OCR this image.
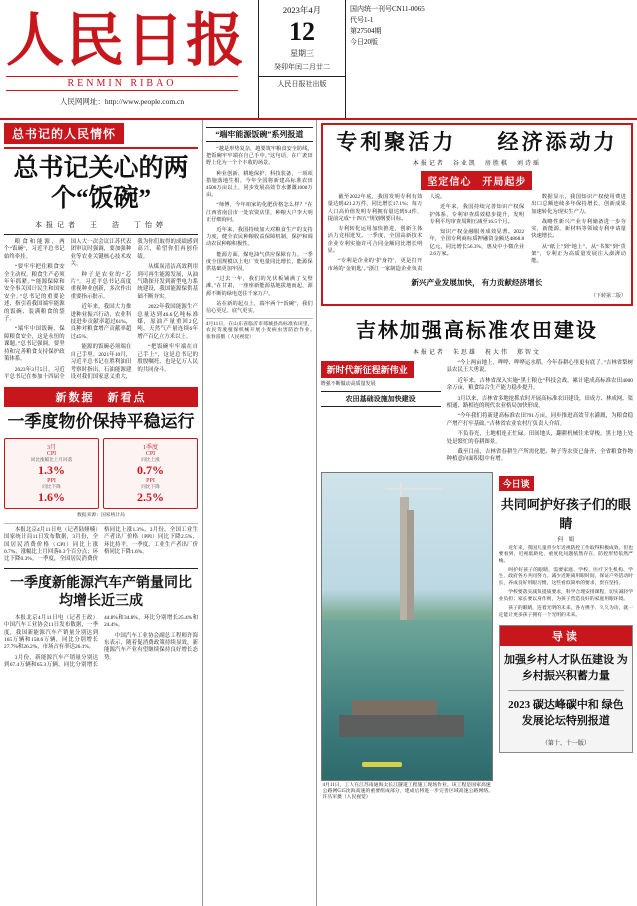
人民日报
RENMIN RIBAO
人民网网址：http://www.people.com.cn
2023年4月
12
星期三
癸卯年闰二月廿二
人民日报社出版
国内统一刊号CN11-0065
代号1-1
第27504期
今日20版
总书记的人民情怀
总书记关心的两个“饭碗”
本报记者　王　浩　丁怡婷

粮食和能源，两个“饭碗”，习近平总书记始终牵挂。

“要牢牢把住粮食安全主动权，粮食生产必须年年抓紧。”“能源保障和安全事关国计民生和国家安全。”总书记的重要论述，指引着我国端牢能源的饭碗、装满粮食的袋子。

“端牢中国饭碗，保障粮食安全，这是永恒的课题。”总书记强调，要坚持和完善粮食支持保护政策体系。

2023年3月5日，习近平总书记在参加十四届全国人大一次会议江苏代表团审议时强调，要加强种业等农业关键核心技术攻关。

种子是农业的“芯片”。习近平总书记高度重视种业创新，多次作出重要指示批示。

近年来，我国大力推进种业振兴行动，农业科技进步贡献率超过61%，良种对粮食增产贡献率超过45%。

能源的饭碗必须端在自己手里。2021年10月，习近平总书记在胜利油田考察时指出，石油能源建设对我们国家意义重大，我为你们取得的成绩感到高兴，希望你们再创佳绩。

从煤炭清洁高效利用到可再生能源发展，从油气勘探开发到新型电力系统建设，我国能源保供基础不断夯实。

2022年我国能源生产总量达到46.6亿吨标准煤，原油产量重回2亿吨，天然气产量连续6年增产百亿立方米以上。

“把饭碗牢牢端在自己手上”，这是总书记的殷殷嘱托，也是亿万人民的共同奋斗。

新数据　新看点
一季度物价保持平稳运行
3月
CPI
同比涨幅比上月回落
1.3%
PPI
同比下降
1.6%
1季度
CPI
同比上涨
0.7%
PPI
同比下降
2.5%
数据来源：国家统计局

本报北京4月11日电（记者陆娅楠）国家统计局11日发布数据，3月份，全国居民消费价格（CPI）同比上涨0.7%，涨幅比上月回落0.3个百分点；环比下降0.3%。一季度，全国居民消费价格同比上涨1.3%。3月份，全国工业生产者出厂价格（PPI）同比下降2.5%，环比持平。一季度，工业生产者出厂价格同比下降1.6%。

一季度新能源汽车产销量同比均增长近三成

本报北京4月11日电（记者王政）中国汽车工业协会11日发布数据，一季度，我国新能源汽车产销量分别达到165万辆和158.6万辆，同比分别增长27.7%和26.2%，市场占有率达26.1%。

3月份，新能源汽车产销量分别达到67.4万辆和65.3万辆，同比分别增长44.8%和34.8%，环比分别增长25.4%和24.4%。

中国汽车工业协会副总工程师许海东表示，随着促消费政策持续显效，新能源汽车产业有望继续保持良好增长态势。

“端牢能源饭碗”系列报道

“越是形势复杂，越要筑牢粮食安全防线，把饭碗牢牢端在自己手中。”这句话，在广袤田野上化为一个个丰收的场景。

种业创新、耕地保护、科技装备，一项项措施落地生根。今年全国将新建高标准农田4500万亩以上，同步发展高效节水灌溉1000万亩。

“师傅，今年咱家的化肥价格怎么样？”在江西省南昌市一处农资店里，种粮大户李大明正仔细询问。

近年来，我国持续加大对粮食生产的支持力度，健全农民种粮收益保障机制，保护和调动农民种粮积极性。

能源方面，煤电油气供应保障有力。一季度全国规模以上电厂发电量同比增长，能源保供基础更加牢固。

“过去一年，我们的光伏板铺满了戈壁滩。”在甘肃，一座座新能源基地拔地而起，源源不断的绿电送往千家万户。

站在新的起点上，端牢两个“饭碗”，我们信心更足、底气更实。

4月11日，在山东省临沂市郯城县高标准农田里，农民驾驶植保机械开展小麦病虫害防治作业。　　　　　　　　　张春雷摄（人民视觉）
专利聚活力 经济添动力
本报记者　谷业凯　房胜棋　刘诗瑶
坚定信心　开局起步

截至2022年底，我国发明专利有效量达到421.2万件，同比增长17.1%；每万人口高价值发明专利拥有量达到9.4件，提前完成“十四五”规划纲要目标。

专利转化运用加快推进，创新主体活力竞相迸发。一季度，全国高新技术企业专利实施许可合同金额同比增长明显。

“专利是企业的‘护身符’，更是打开市场的‘金钥匙’。”浙江一家制造企业负责人说。

近年来，我国持续完善知识产权保护体系，专利审查质效稳步提升，发明专利平均审查周期压减至16.5个月。

知识产权金融服务成效显著。2022年，全国专利商标质押融资金额达4868.8亿元，同比增长56.3%，惠及中小微企业2.6万家。

数据显示，我国知识产权使用费进出口总额连续多年保持增长，创新成果加速转化为现实生产力。

战略性新兴产业专利储备进一步夯实，新能源、新材料等领域专利申请量快速增长。

从“纸上”到“地上”，从“书架”到“货架”，专利正为高质量发展注入澎湃动能。

新兴产业发展加快， 有力贡献经济增长
（下转第二版）
吉林加强高标准农田建设
本报记者　朱思雄　祝大伟　郑智文
新时代新征程新伟业
增强不断做动高质量发展
农田基础设施加快建设

“今上两亩地上，哗哗、哗哗运水稻，今年春耕心里更有底了。”吉林省梨树县农民王大勇说。

近年来，吉林省深入实施“黑土粮仓”科技会战，累计建成高标准农田4000余万亩，粮食综合生产能力稳步提升。

3月以来，吉林省多地抢抓农时开展高标准农田建设，田成方、林成网、渠相通、路相连的现代农业格局加快形成。

“今年我们将新建高标准农田791万亩，同步推进高效节水灌溉，为粮食稳产增产打牢基础。”吉林省农业农村厅负责人介绍。

不负春光，土地相连正忙碌。田间地头，翻耕机械往来穿梭，黑土地上处处是繁忙的春耕图景。

截至目前，吉林省春耕生产所需化肥、种子等农资已备齐，全省粮食作物种植意向面积稳中有增。

4月11日，工人在江苏南通海太长江隧道工程施工现场作业。该工程是国家高速公路网G15沈海高速的重要组成部分，建成后将进一步完善区域高速公路网络。　　　　　　　　　许丛军摄（人民视觉）
今日谈
共同呵护好孩子们的眼睛
何　娟

近年来，我国儿童青少年近视防控工作取得积极成效。但也要看到，近视低龄化、重度化问题依然存在，防控形势依然严峻。

呵护好孩子的眼睛，需要家庭、学校、医疗卫生机构、学生、政府各方共同努力。减少近距离用眼时间，保证户外活动时长，养成良好用眼习惯，这些看似简单的要求，贵在坚持。

学校要落实减负提质要求，科学合理安排课程，切实减轻学业负担；家长要以身作则，为孩子营造良好的家庭用眼环境。

孩子的眼睛，连着光明的未来。各方携手、久久为功，就一定能让更多孩子拥有一个光明的未来。

导读
加强乡村人才队伍建设 为乡村振兴积蓄力量
2023 碳达峰碳中和 绿色发展论坛特别报道
（第十、十一版）
